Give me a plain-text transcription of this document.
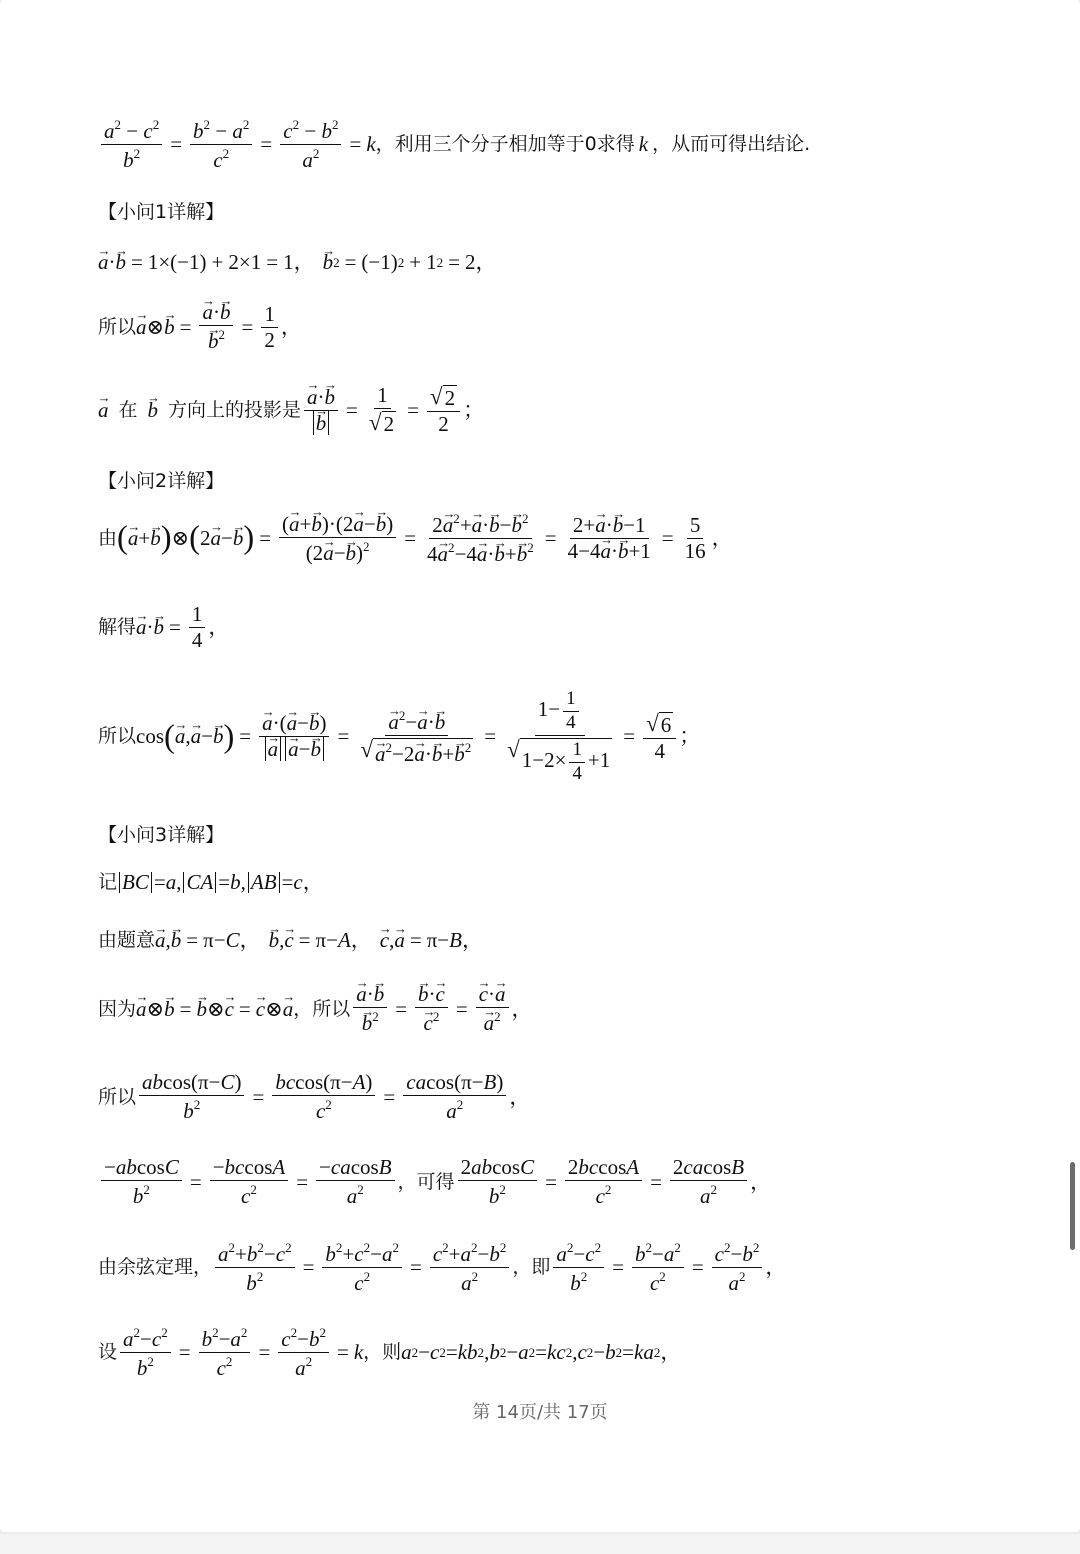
$\frac{a^2 - c^2}{b^2} = \frac{b^2 - a^2}{c^2} = \frac{c^2 - b^2}{a^2} = k$ ，利用三个分子相加等于0求得 k ，从而可得出结论.
【小问1详解】
→ a ·
→ b = 1×(−1) + 2×1 = 1，
→ b 2 = (−1) 2 + 1 2 = 2，
所以
→ a ⊗
→ b =
→ a·→ b
→ $b^2 = \frac{1}{2}$ ，
→ a 在
→ b 方向上的投影是
→ a·→ b
→ $b = \frac{1}{√ 2} = \frac{√ 2}{2}$ ；
【小问2详解】
由 (
→ a +
→ b ) ⊗ ( 2
→ a −
→ b ) = $\frac{(\to a+\to b)\cdot(2\to a-\to b)}{(2\to a-\to b)^2} = \frac{2\to a^2+\to a\cdot\to b-\to b^2}{4\to a^2-4\to a\cdot\to b+\to b^2} = \frac{2+\to a\cdot\to b-1}{4-4\to a\cdot\to b+1} = \frac{5}{16}$ ，
解得
→ a ·
→ $b = \frac{1}{4}$ ，
所以 cos (
→ a ,
→ a −
→ b ) =
→ a·(→ a−→ b)
→ a→ a−→ b =
→ $a^2-\to a\cdot\to b$
√
→ $a^2-2\to a\cdot\to b+\to b^2 = \frac{1- \frac{1}{4}}{√ 1-2\times \frac{1}{4} +1} = \frac{√ 6}{4}$ ；
【小问3详解】
记 BC = a , CA = b , AB = c ，
由题意
→ a ,
→ b = π− C ，
→ b ,
→ c = π− A ，
→ c ,
→ a = π− B ，
因为
→ a ⊗
→ b =
→ b ⊗
→ c =
→ c ⊗
→ a ，所以
→ a·→ b
→ $b^2$ =
→ b·→ c
→ $c^2$ =
→ c·→ a
→ $a^2$ ，
所以 $\frac{abcos(\pi-C)}{b^2} = \frac{bccos(\pi-A)}{c^2} = \frac{cacos(\pi-B)}{a^2}$ ，
$\frac{-abcosC}{b^2} = \frac{-bccosA}{c^2} = \frac{-cacosB}{a^2}$ ，可得 $\frac{2abcosC}{b^2} = \frac{2bccosA}{c^2} = \frac{2cacosB}{a^2}$ ，
由余弦定理， $\frac{a^2+b^2-c^2}{b^2} = \frac{b^2+c^2-a^2}{c^2} = \frac{c^2+a^2-b^2}{a^2}$ ，即 $\frac{a^2-c^2}{b^2} = \frac{b^2-a^2}{c^2} = \frac{c^2-b^2}{a^2}$ ，
设 $\frac{a^2-c^2}{b^2} = \frac{b^2-a^2}{c^2} = \frac{c^2-b^2}{a^2} = k$ ，则 a 2 − c 2 = kb 2 , b 2 − a 2 = kc 2 , c 2 − b 2 = ka 2 ，
第 14页/共 17页
